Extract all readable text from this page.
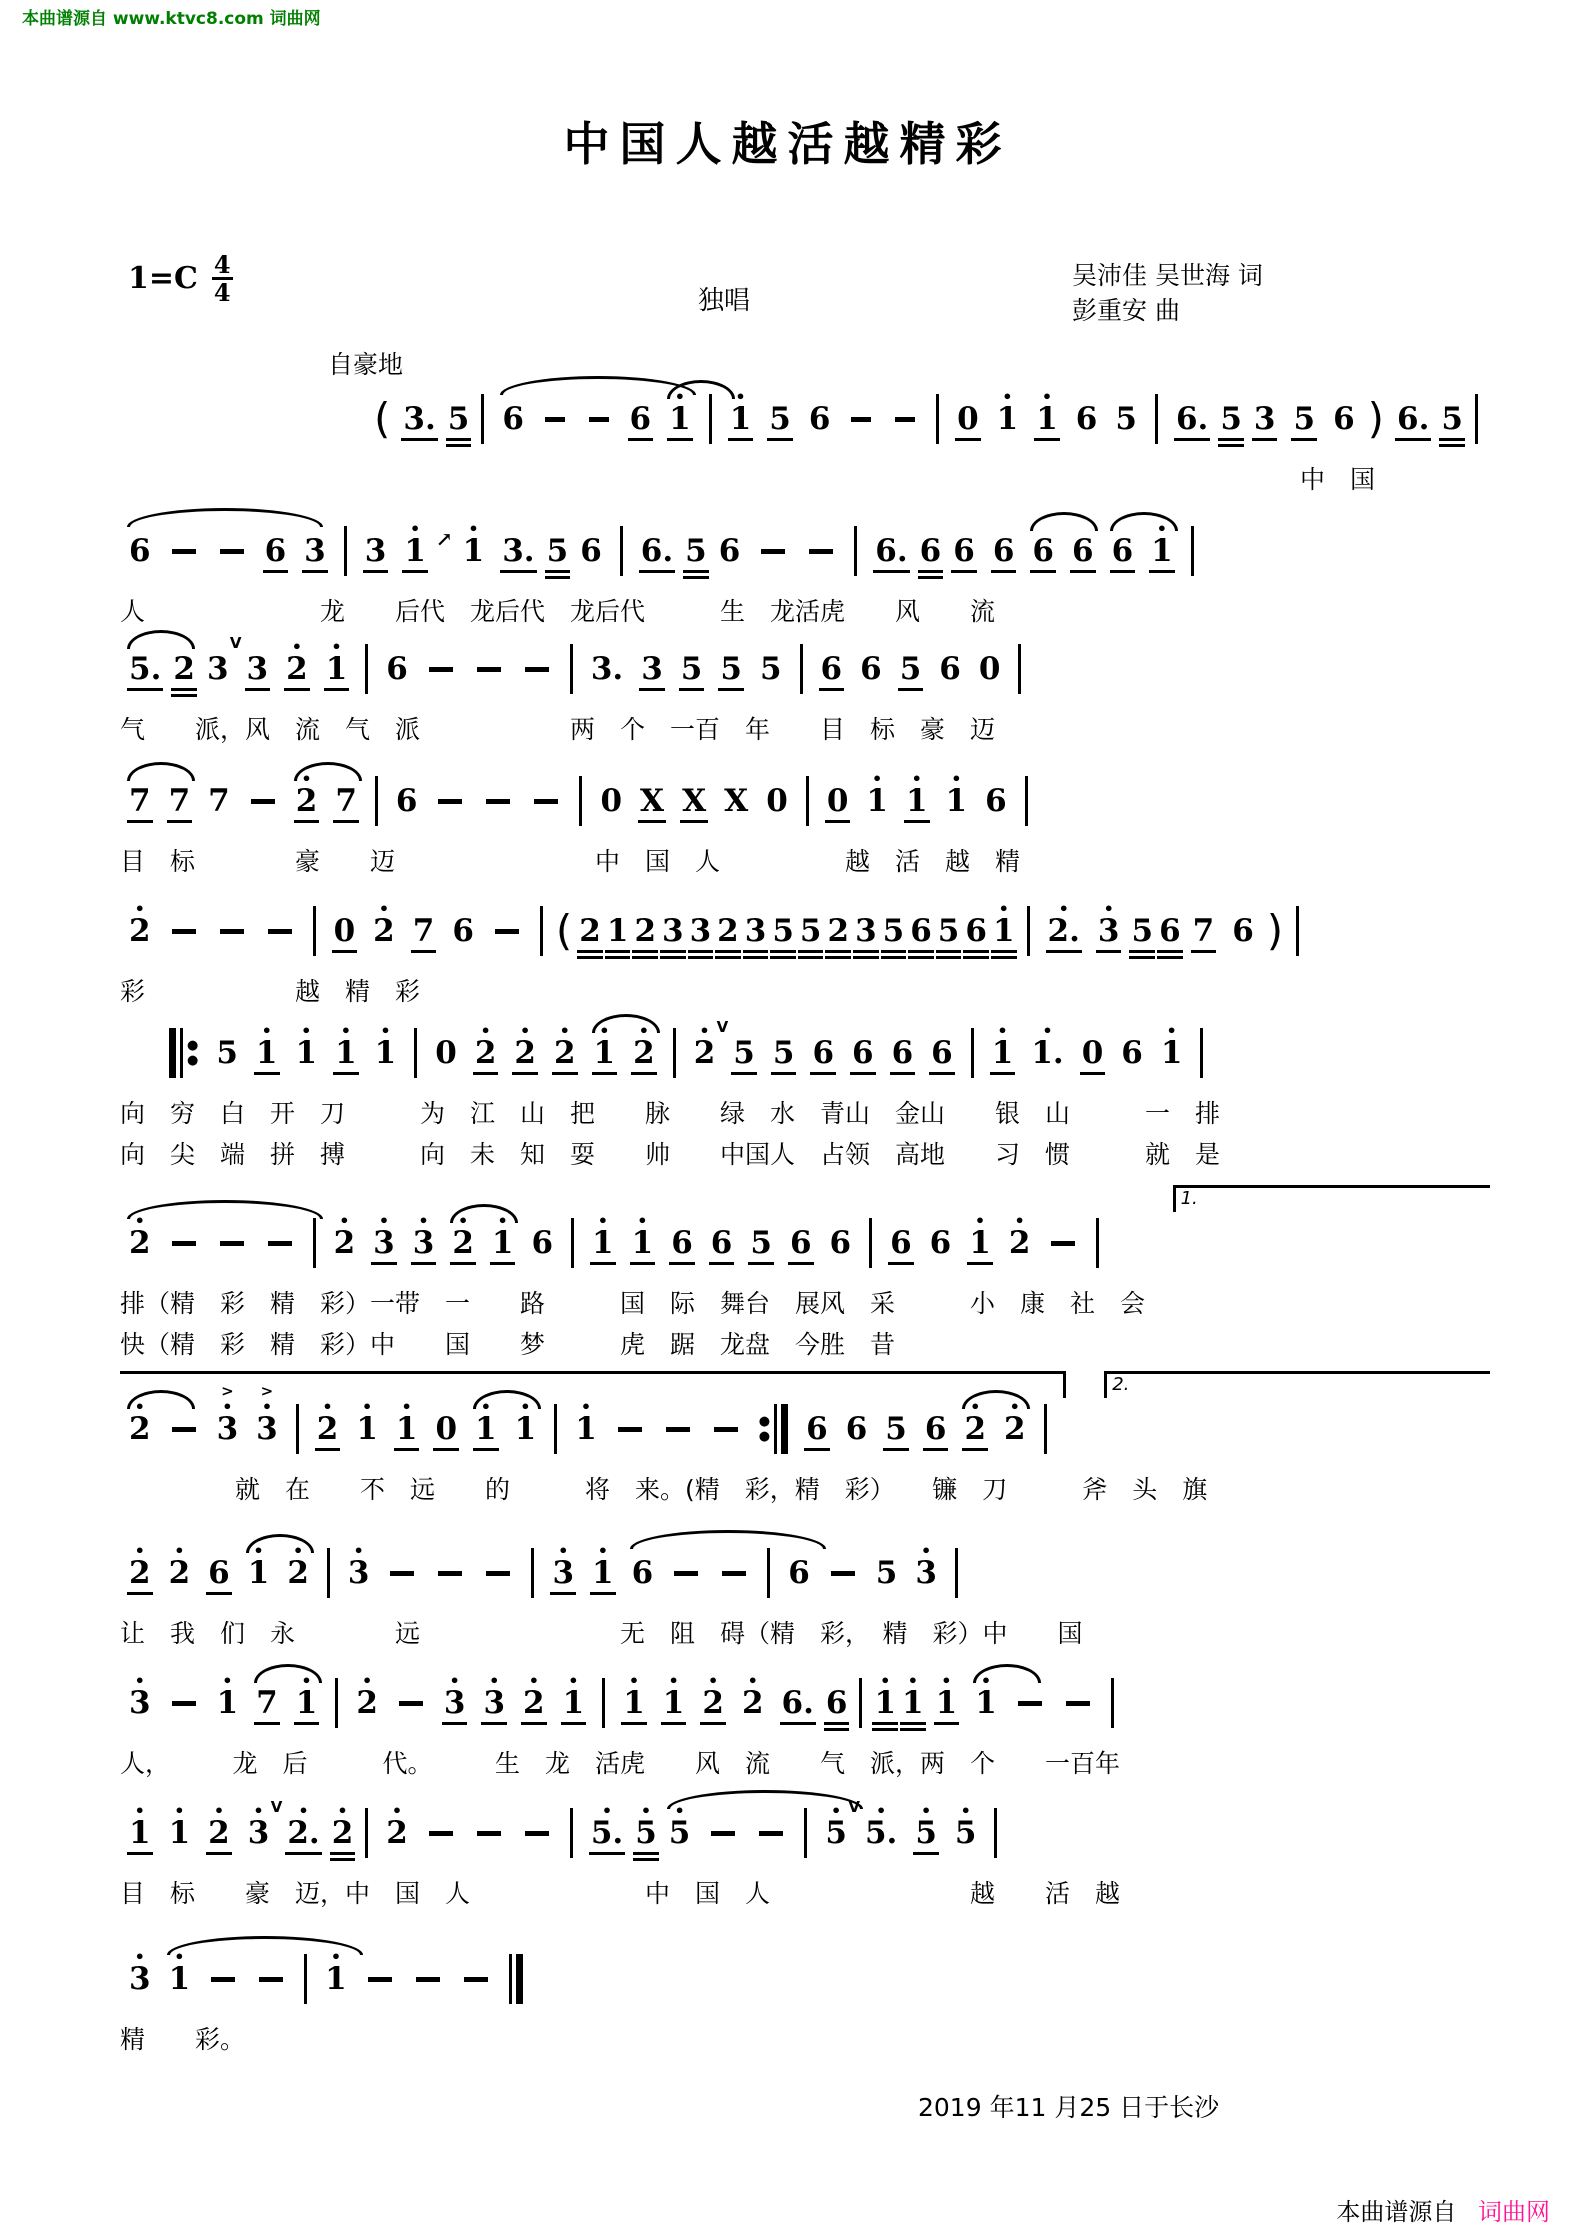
本曲谱源自 www.ktvc8.com 词曲网
中国人越活越精彩
$1=C \frac{4}{4}$	独唱
吴沛佳 吴世海 词
彭重安 曲
自豪地
( 3. 5 6	6
•
1
•
1 5 6	0
•
1
•
1 6 5 6. 5 3 5 6 ) 6. 5
中　国
6	6 3 3
•
1 ↗ •
1 3. 5 6 6. 5 6	6. 6 6 6 6 6 6
•
1
人　　　　　　　龙　　后代　龙后代　龙后代　　　生　龙活虎　　风　　流
5. 2 3
V
3
•
2
•
1 6	3. 3 5 5 5 6 6 5 6 0
气　　派，风　流　气　派　　　　　　两　个　一百　年　　目　标　豪　迈
7 7 7
•
2 7 6	0 X X X 0 0
•
1
•
1
•
1 6
目　标　　　　豪　　迈　　　　　　　　中　国　人　　　　　越　活　越　精
•
2	0
•
2 7 6 ( 2 1 2 3 3 2 3 5 5 2 3 5 6 5 6
•
1
•
2.
•
3 5 6 7 6 )
彩　　　　　　越　精　彩
●
● 5
•
1
•
1
•
1
•
1 0
•
2
•
2
•
2
•
1
•
2
•
2
V
5 5 6 6 6 6
•
1
•
1. 0 6
•
1
向　穷　白　开　刀　　　为　江　山　把　　脉　　绿　水　青山　金山　　银　山　　　一　排
向　尖　端　拼　搏　　　向　未　知　耍　　帅　　中国人　占领　高地　　习　惯　　　就　是
1.
•
2
•
2
•
3
•
3
•
2
•
1 6
•
1
•
1 6 6 5 6 6 6 6
•
1
•
2
排（精　彩　精　彩）一带　一　　路　　　国　际　舞台　展风　采　　　小　康　社　会
快（精　彩　精　彩）中　　国　　梦　　　虎　踞　龙盘　今胜　昔
2.
•
2
•
>
3
•
>
3
•
2
•
1
•
1 0
•
1
•
1
•
1	●
● 6 6 5 6
•
2
•
2
就　在　　不　远　　的　　　将　来。(精　彩，精　彩）　　镰　刀　　　斧　头　旗
•
2
•
2 6
•
1
•
2
•
3
•
3
•
1 6	6 5
•
3
让　我　们　永　　　　远　　　　　　　　无　阻　碍（精　彩，　精　彩）中　　国
•
3
•
1 7
•
1
•
2
•
3
•
3
•
2
•
1
•
1
•
1
•
2
•
2 6. 6
•
1
•
1
•
1
•
1
人，　　　龙　后　　　代。　　　生　龙　活虎　　风　流　　气　派，两　个　　一百年
•
1
•
1
•
2
•
3
V •
2.
•
2
•
2
•
5.
•
5
•
5
•
5
V •
5.
•
5
•
5
目　标　　豪　迈，中　国　人　　　　　　　中　国　人　　　　　　　　越　　活　越
•
3
•
1
•
1
精　　彩。
2019 年11 月25 日于长沙
本曲谱源自 词曲网
